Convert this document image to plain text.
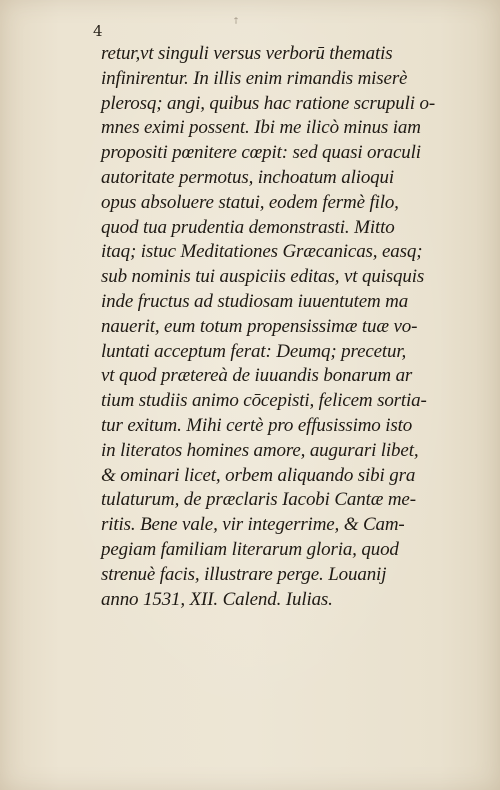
4
†
retur,vt singuli versus verborū thematis
infinirentur. In illis enim rimandis miserè
plerosq; angi, quibus hac ratione scrupuli o-
mnes eximi possent. Ibi me ilicò minus iam
propositi pœnitere cœpit: sed quasi oraculi
autoritate permotus, inchoatum alioqui
opus absoluere statui, eodem fermè filo,
quod tua prudentia demonstrasti. Mitto
itaq; istuc Meditationes Græcanicas, easq;
sub nominis tui auspiciis editas, vt quisquis
inde fructus ad studiosam iuuentutem ma
nauerit, eum totum propensissimæ tuæ vo-
luntati acceptum ferat: Deumq; precetur,
vt quod prætereà de iuuandis bonarum ar
tium studiis animo cōcepisti, felicem sortia-
tur exitum. Mihi certè pro effusissimo isto
in literatos homines amore, augurari libet,
& ominari licet, orbem aliquando sibi gra
tulaturum, de præclaris Iacobi Cantæ me-
ritis. Bene vale, vir integerrime, & Cam-
pegiam familiam literarum gloria, quod
strenuè facis, illustrare perge. Louanij
anno 1531, XII. Calend. Iulias.
